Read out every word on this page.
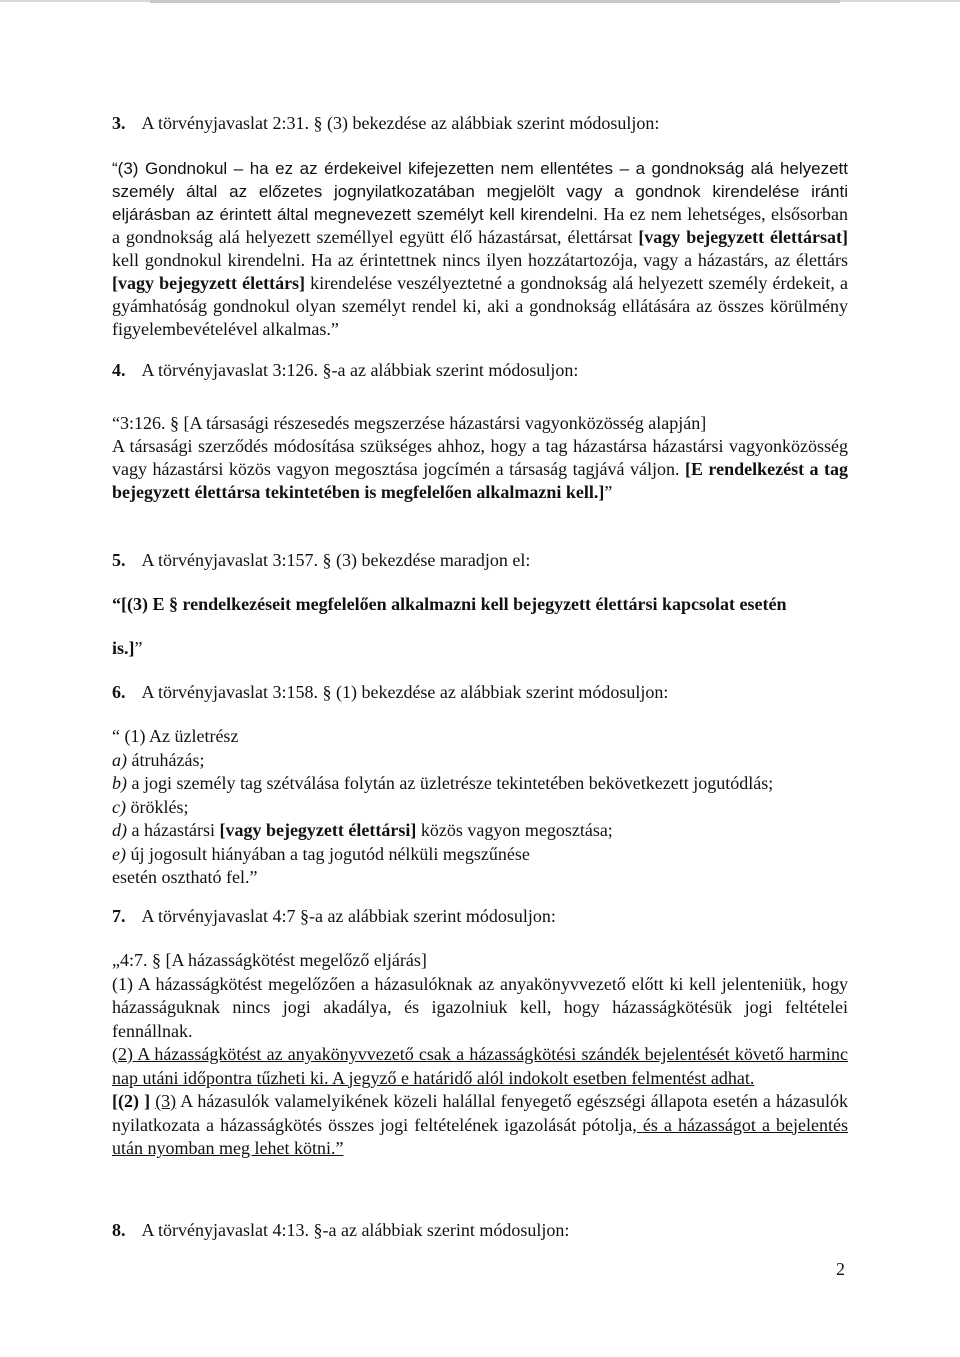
3. A törvényjavaslat 2:31. § (3) bekezdése az alábbiak szerint módosuljon:
“(3) Gondnokul – ha ez az érdekeivel kifejezetten nem ellentétes – a gondnokság alá helyezett személy által az előzetes jognyilatkozatában megjelölt vagy a gondnok kirendelése iránti eljárásban az érintett által megnevezett személyt kell kirendelni. Ha ez nem lehetséges, elsősorban a gondnokság alá helyezett személlyel együtt élő házastársat, élettársat [vagy bejegyzett élettársat] kell gondnokul kirendelni. Ha az érintettnek nincs ilyen hozzátartozója, vagy a házastárs, az élettárs [vagy bejegyzett élettárs] kirendelése veszélyeztetné a gondnokság alá helyezett személy érdekeit, a gyámhatóság gondnokul olyan személyt rendel ki, aki a gondnokság ellátására az összes körülmény figyelembevételével alkalmas.”
4. A törvényjavaslat 3:126. §-a az alábbiak szerint módosuljon:
“3:126. § [A társasági részesedés megszerzése házastársi vagyonközösség alapján]
A társasági szerződés módosítása szükséges ahhoz, hogy a tag házastársa házastársi vagyonközösség vagy házastársi közös vagyon megosztása jogcímén a társaság tagjává váljon. [E rendelkezést a tag bejegyzett élettársa tekintetében is megfelelően alkalmazni kell.]”
5. A törvényjavaslat 3:157. § (3) bekezdése maradjon el:
“[(3) E § rendelkezéseit megfelelően alkalmazni kell bejegyzett élettársi kapcsolat esetén
is.]”
6. A törvényjavaslat 3:158. § (1) bekezdése az alábbiak szerint módosuljon:
“ (1) Az üzletrész
a) átruházás;
b) a jogi személy tag szétválása folytán az üzletrésze tekintetében bekövetkezett jogutódlás;
c) öröklés;
d) a házastársi [vagy bejegyzett élettársi] közös vagyon megosztása;
e) új jogosult hiányában a tag jogutód nélküli megszűnése
esetén osztható fel.”
7. A törvényjavaslat 4:7 §-a az alábbiak szerint módosuljon:
„4:7. § [A házasságkötést megelőző eljárás]
(1) A házasságkötést megelőzően a házasulóknak az anyakönyvvezető előtt ki kell jelenteniük, hogy házasságuknak nincs jogi akadálya, és igazolniuk kell, hogy házasságkötésük jogi feltételei fennállnak.
(2) A házasságkötést az anyakönyvvezető csak a házasságkötési szándék bejelentését követő harminc nap utáni időpontra tűzheti ki. A jegyző e határidő alól indokolt esetben felmentést adhat.
[(2) ] (3) A házasulók valamelyikének közeli halállal fenyegető egészségi állapota esetén a házasulók nyilatkozata a házasságkötés összes jogi feltételének igazolását pótolja, és a házasságot a bejelentés után nyomban meg lehet kötni.”
8. A törvényjavaslat 4:13. §-a az alábbiak szerint módosuljon:
2
